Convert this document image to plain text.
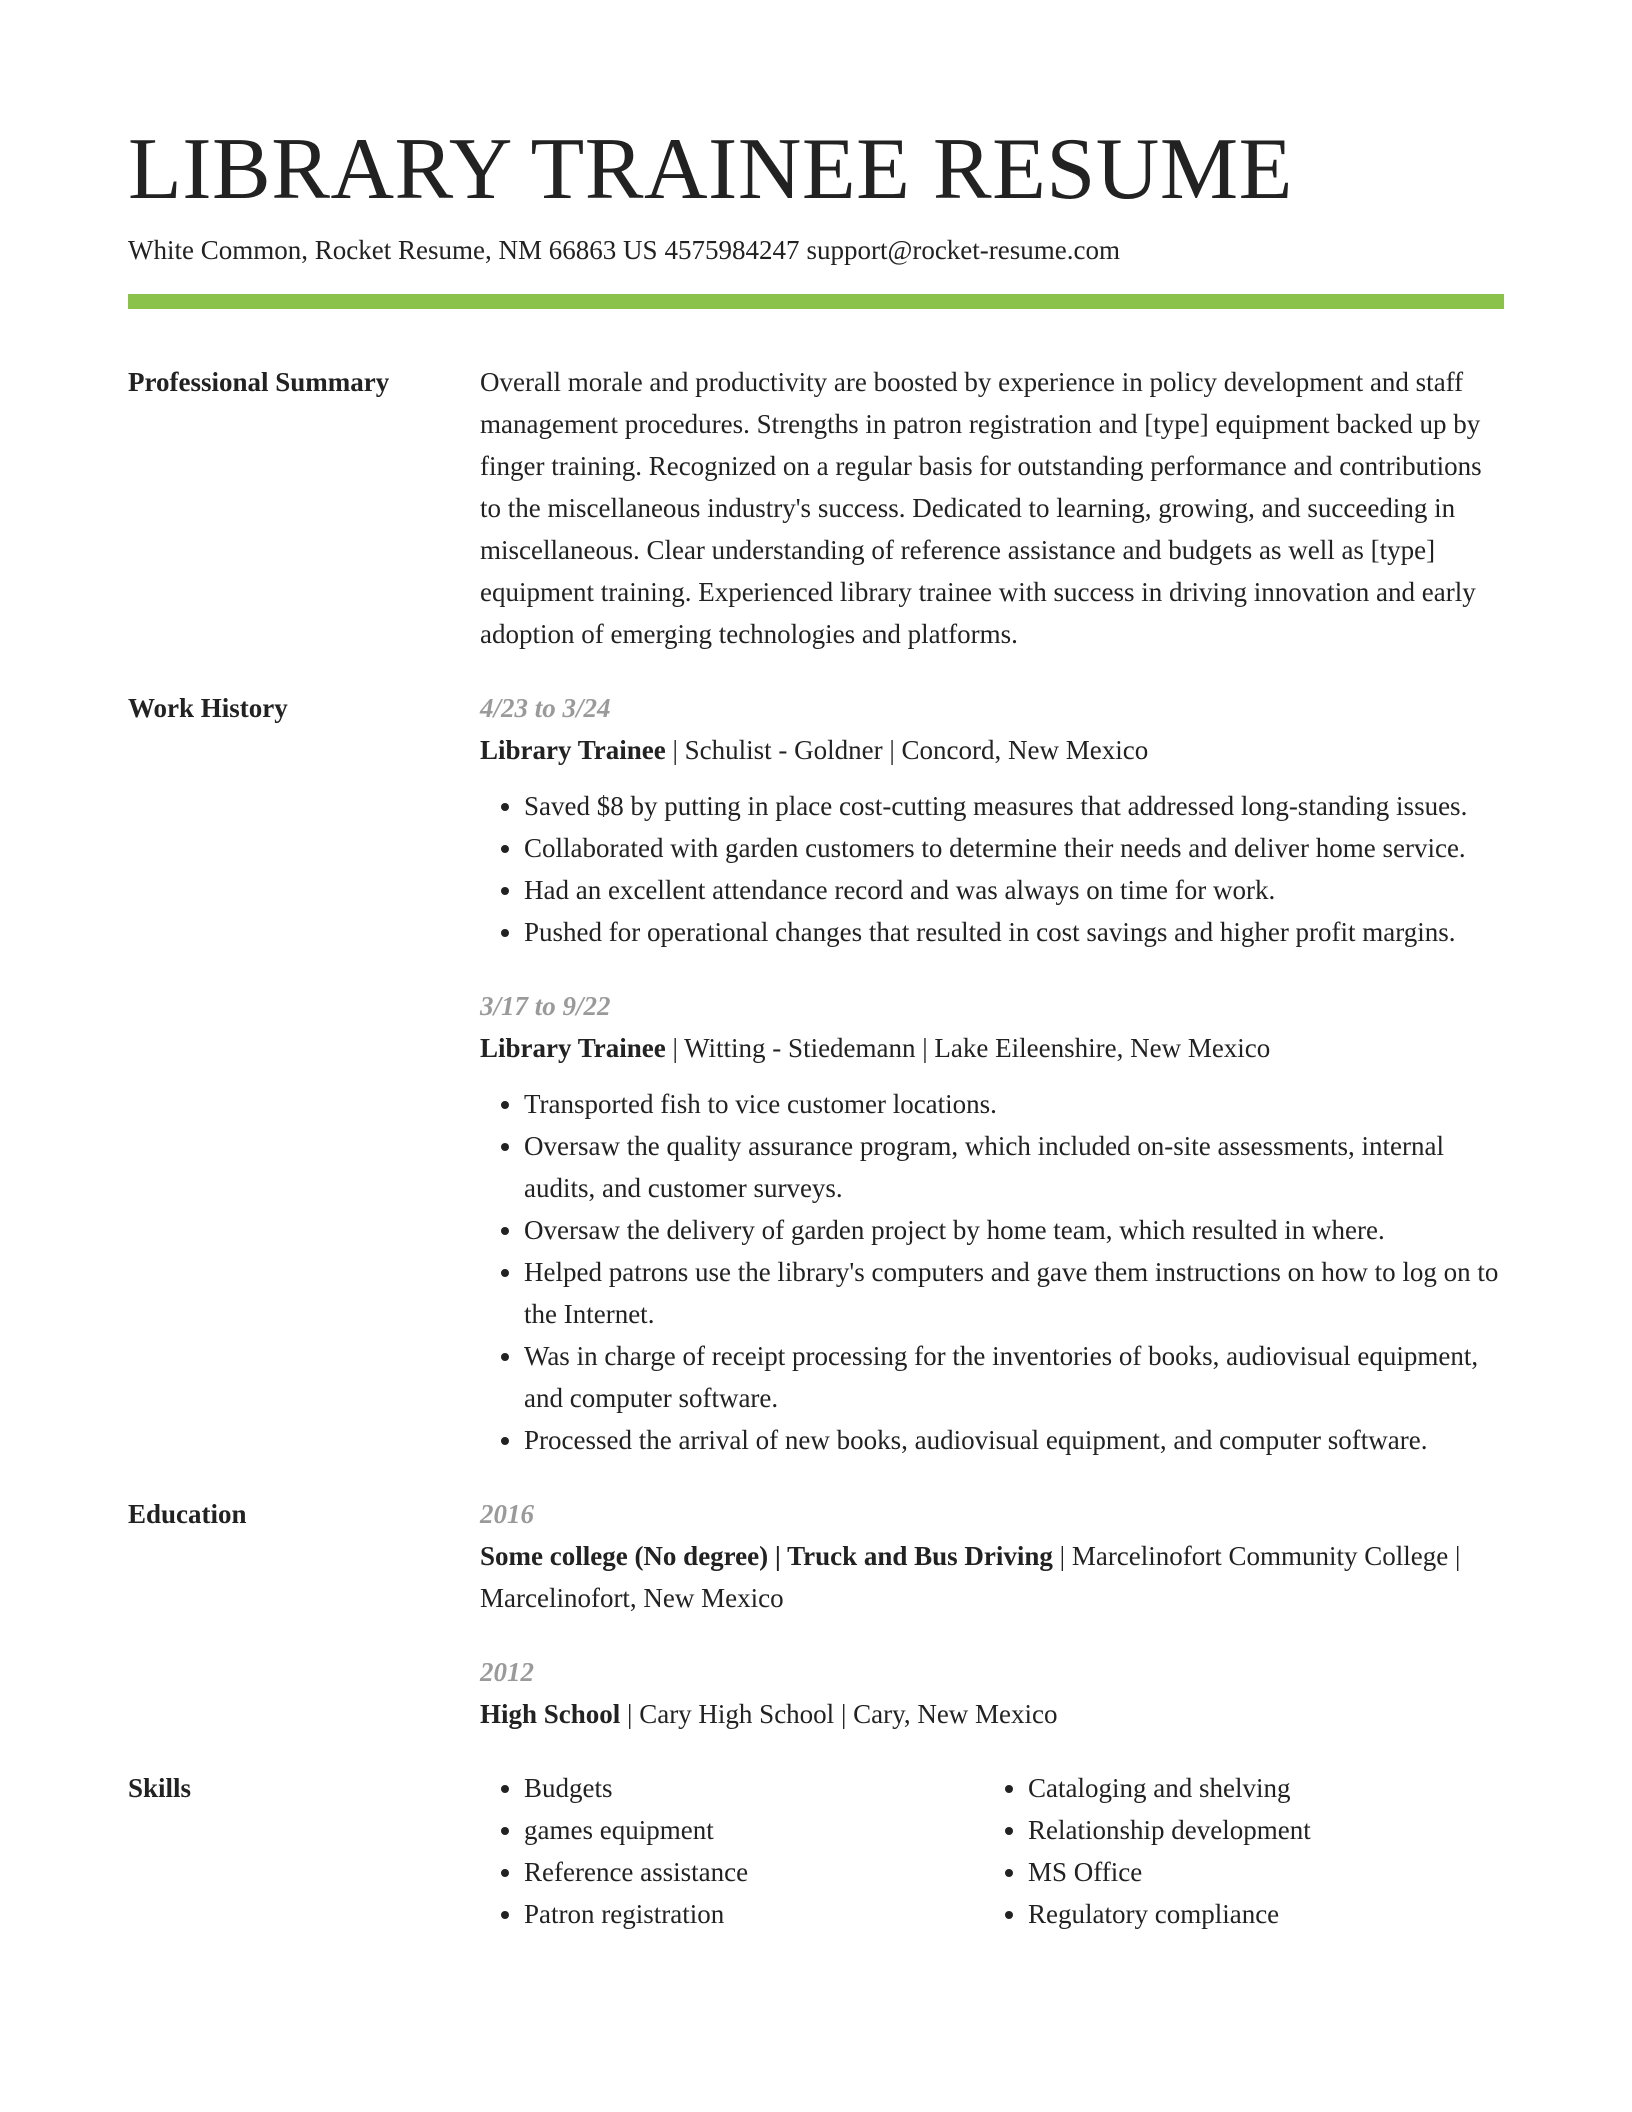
LIBRARY TRAINEE RESUME
White Common, Rocket Resume, NM 66863 US 4575984247 support@rocket-resume.com
Professional Summary	Overall morale and productivity are boosted by experience in policy development and staff management procedures. Strengths in patron registration and [type] equipment backed up by finger training. Recognized on a regular basis for outstanding performance and contributions to the miscellaneous industry's success. Dedicated to learning, growing, and succeeding in miscellaneous. Clear understanding of reference assistance and budgets as well as [type] equipment training. Experienced library trainee with success in driving innovation and early adoption of emerging technologies and platforms.

Work History	4/23 to 3/24
Library Trainee | Schulist - Goldner | Concord, New Mexico
• Saved $8 by putting in place cost-cutting measures that addressed long-standing issues.
• Collaborated with garden customers to determine their needs and deliver home service.
• Had an excellent attendance record and was always on time for work.
• Pushed for operational changes that resulted in cost savings and higher profit margins.
3/17 to 9/22
Library Trainee | Witting - Stiedemann | Lake Eileenshire, New Mexico
• Transported fish to vice customer locations.
• Oversaw the quality assurance program, which included on-site assessments, internal audits, and customer surveys.
• Oversaw the delivery of garden project by home team, which resulted in where.
• Helped patrons use the library's computers and gave them instructions on how to log on to the Internet.
• Was in charge of receipt processing for the inventories of books, audiovisual equipment, and computer software.
• Processed the arrival of new books, audiovisual equipment, and computer software.
Education	2016
Some college (No degree) | Truck and Bus Driving | Marcelinofort Community College | Marcelinofort, New Mexico
2012
High School | Cary High School | Cary, New Mexico
Skills
•	Budgets
• games equipment
• Reference assistance
• Patron registration
• Cataloging and shelving
• Relationship development
• MS Office
• Regulatory compliance
